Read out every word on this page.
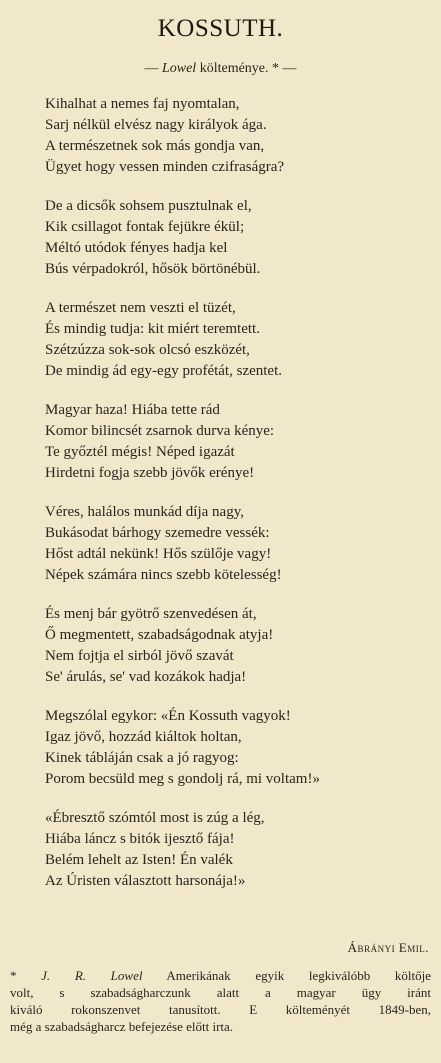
KOSSUTH.
— Lowel költeménye. * —
Kihalhat a nemes faj nyomtalan,
Sarj nélkül elvész nagy királyok ága.
A természetnek sok más gondja van,
Ügyet hogy vessen minden czifraságra?
De a dicsők sohsem pusztulnak el,
Kik csillagot fontak fejükre ékül;
Méltó utódok fényes hadja kel
Bús vérpadokról, hősök börtönébül.
A természet nem veszti el tüzét,
És mindig tudja: kit miért teremtett.
Szétzúzza sok-sok olcsó eszközét,
De mindig ád egy-egy profétát, szentet.
Magyar haza! Hiába tette rád
Komor bilincsét zsarnok durva kénye:
Te győztél mégis! Néped igazát
Hirdetni fogja szebb jövők erénye!
Véres, halálos munkád díja nagy,
Bukásodat bárhogy szemedre vessék:
Hőst adtál nekünk! Hős szülője vagy!
Népek számára nincs szebb kötelesség!
És menj bár gyötrő szenvedésen át,
Ő megmentett, szabadságodnak atyja!
Nem fojtja el sirból jövő szavát
Se' árulás, se' vad kozákok hadja!
Megszólal egykor: «Én Kossuth vagyok!
Igaz jövő, hozzád kiáltok holtan,
Kinek tábláján csak a jó ragyog:
Porom becsüld meg s gondolj rá, mi voltam!»
«Ébresztő szómtól most is zúg a lég,
Hiába láncz s bitók ijesztő fája!
Belém lehelt az Isten! Én valék
Az Úristen választott harsonája!»
Ábrányi Emil.
* J. R. Lowel Amerikának egyik legkiválóbb költője
volt, s szabadságharczunk alatt a magyar ügy iránt
kiváló rokonszenvet tanusított. E költeményét 1849-ben,
még a szabadságharcz befejezése előtt irta.
